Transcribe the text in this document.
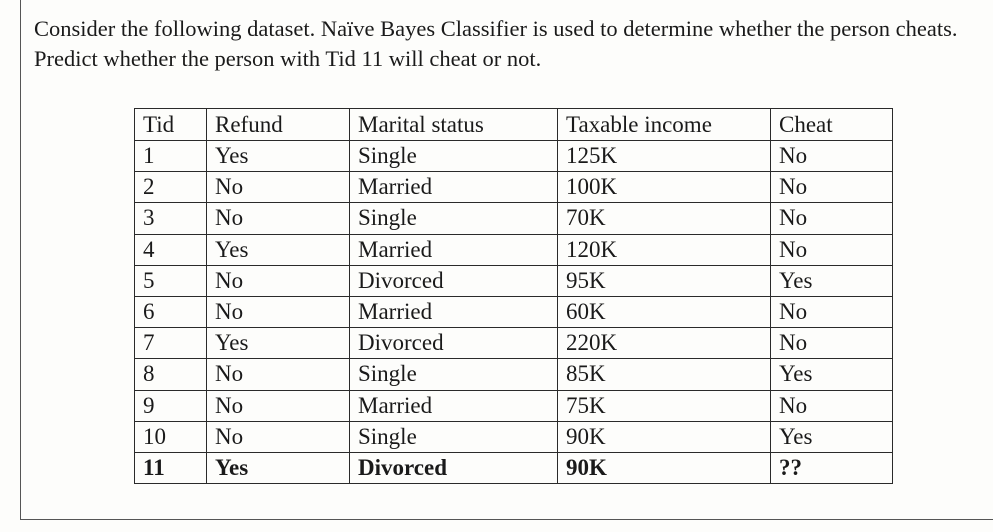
Consider the following dataset. Naïve Bayes Classifier is used to determine whether the person cheats. Predict whether the person with Tid 11 will cheat or not.

Tid	Refund	Marital status	Taxable income	Cheat
1	Yes	Single	125K	No
2	No	Married	100K	No
3	No	Single	70K	No
4	Yes	Married	120K	No
5	No	Divorced	95K	Yes
6	No	Married	60K	No
7	Yes	Divorced	220K	No
8	No	Single	85K	Yes
9	No	Married	75K	No
10	No	Single	90K	Yes
11	Yes	Divorced	90K	??
